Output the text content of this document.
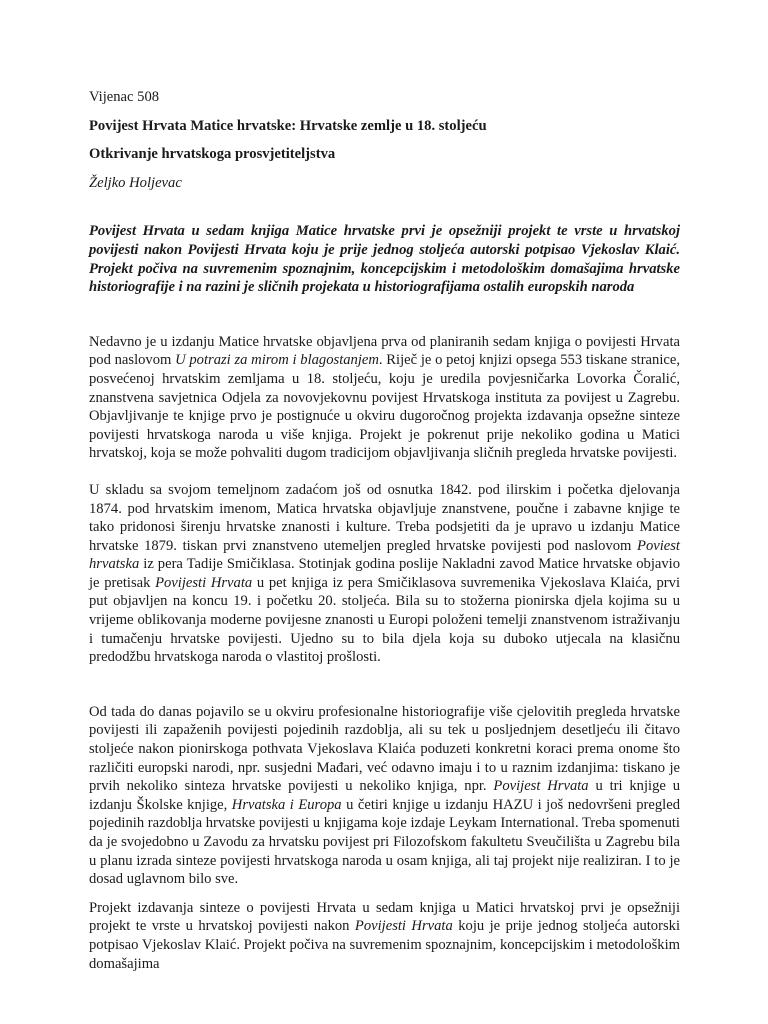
Vijenac 508

Povijest Hrvata Matice hrvatske: Hrvatske zemlje u 18. stoljeću

Otkrivanje hrvatskoga prosvjetiteljstva

Željko Holjevac

Povijest Hrvata u sedam knjiga Matice hrvatske prvi je opsežniji projekt te vrste u hrvatskoj povijesti nakon Povijesti Hrvata koju je prije jednog stoljeća autorski potpisao Vjekoslav Klaić. Projekt počiva na suvremenim spoznajnim, koncepcijskim i metodološkim domašajima hrvatske historiografije i na razini je sličnih projekata u historiografijama ostalih europskih naroda

Nedavno je u izdanju Matice hrvatske objavljena prva od planiranih sedam knjiga o povijesti Hrvata pod naslovom U potrazi za mirom i blagostanjem. Riječ je o petoj knjizi opsega 553 tiskane stranice, posvećenoj hrvatskim zemljama u 18. stoljeću, koju je uredila povjesničarka Lovorka Čoralić, znanstvena savjetnica Odjela za novovjekovnu povijest Hrvatskoga instituta za povijest u Zagrebu. Objavljivanje te knjige prvo je postignuće u okviru dugoročnog projekta izdavanja opsežne sinteze povijesti hrvatskoga naroda u više knjiga. Projekt je pokrenut prije nekoliko godina u Matici hrvatskoj, koja se može pohvaliti dugom tradicijom objavljivanja sličnih pregleda hrvatske povijesti.

U skladu sa svojom temeljnom zadaćom još od osnutka 1842. pod ilirskim i početka djelovanja 1874. pod hrvatskim imenom, Matica hrvatska objavljuje znanstvene, poučne i zabavne knjige te tako pridonosi širenju hrvatske znanosti i kulture. Treba podsjetiti da je upravo u izdanju Matice hrvatske 1879. tiskan prvi znanstveno utemeljen pregled hrvatske povijesti pod naslovom Poviest hrvatska iz pera Tadije Smičiklasa. Stotinjak godina poslije Nakladni zavod Matice hrvatske objavio je pretisak Povijesti Hrvata u pet knjiga iz pera Smičiklasova suvremenika Vjekoslava Klaića, prvi put objavljen na koncu 19. i početku 20. stoljeća. Bila su to stožerna pionirska djela kojima su u vrijeme oblikovanja moderne povijesne znanosti u Europi položeni temelji znanstvenom istraživanju i tumačenju hrvatske povijesti. Ujedno su to bila djela koja su duboko utjecala na klasičnu predodžbu hrvatskoga naroda o vlastitoj prošlosti.

Od tada do danas pojavilo se u okviru profesionalne historiografije više cjelovitih pregleda hrvatske povijesti ili zapaženih povijesti pojedinih razdoblja, ali su tek u posljednjem desetljeću ili čitavo stoljeće nakon pionirskoga pothvata Vjekoslava Klaića poduzeti konkretni koraci prema onome što različiti europski narodi, npr. susjedni Mađari, već odavno imaju i to u raznim izdanjima: tiskano je prvih nekoliko sinteza hrvatske povijesti u nekoliko knjiga, npr. Povijest Hrvata u tri knjige u izdanju Školske knjige, Hrvatska i Europa u četiri knjige u izdanju HAZU i još nedovršeni pregled pojedinih razdoblja hrvatske povijesti u knjigama koje izdaje Leykam International. Treba spomenuti da je svojedobno u Zavodu za hrvatsku povijest pri Filozofskom fakultetu Sveučilišta u Zagrebu bila u planu izrada sinteze povijesti hrvatskoga naroda u osam knjiga, ali taj projekt nije realiziran. I to je dosad uglavnom bilo sve.

Projekt izdavanja sinteze o povijesti Hrvata u sedam knjiga u Matici hrvatskoj prvi je opsežniji projekt te vrste u hrvatskoj povijesti nakon Povijesti Hrvata koju je prije jednog stoljeća autorski potpisao Vjekoslav Klaić. Projekt počiva na suvremenim spoznajnim, koncepcijskim i metodološkim domašajima
